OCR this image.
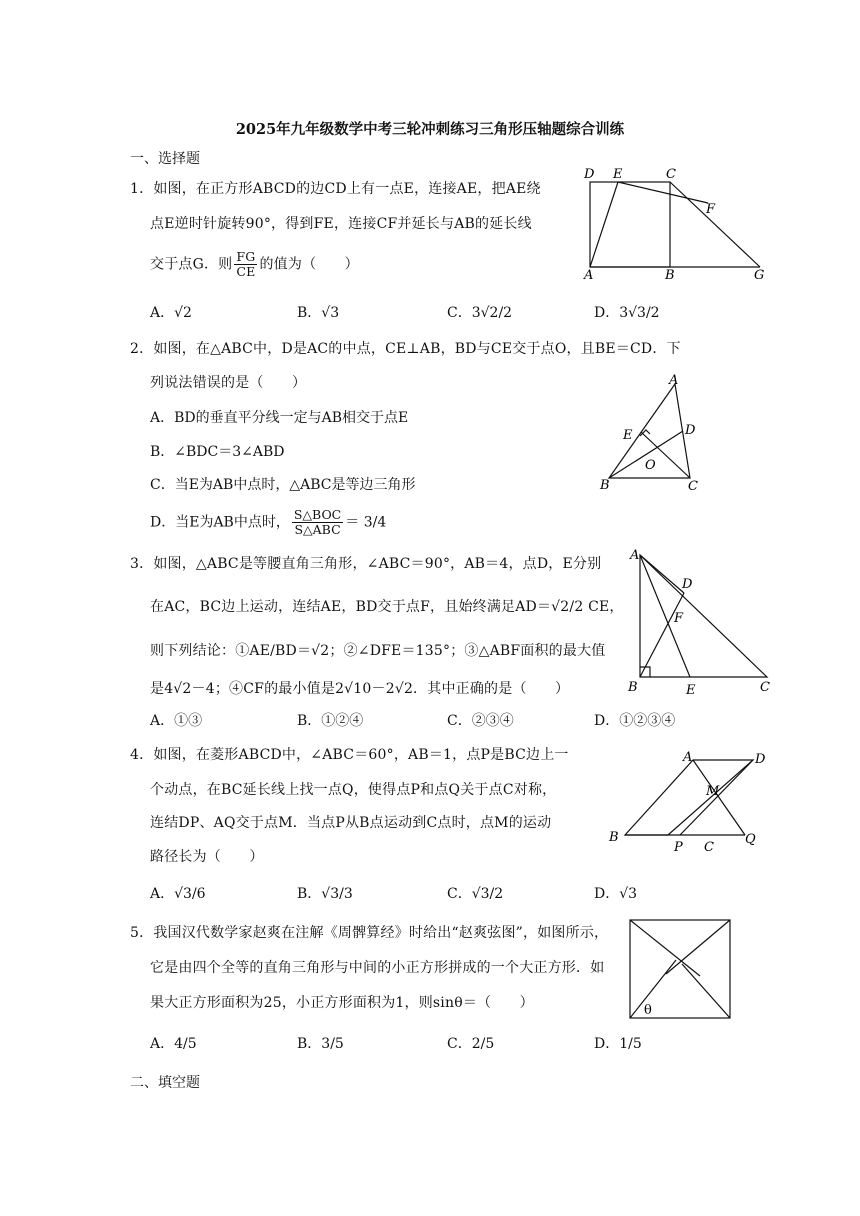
2025年九年级数学中考三轮冲刺练习三角形压轴题综合训练
一、选择题
1．如图，在正方形ABCD的边CD上有一点E，连接AE，把AE绕
点E逆时针旋转90°，得到FE，连接CF并延长与AB的延长线
交于点G．则 $\frac{FG}{CE}$ 的值为（　　）
A．√2	B．√3	C．3√2/2	D．3√3/2
D E	C
F
A	B	G
2．如图，在△ABC中，D是AC的中点，CE⊥AB，BD与CE交于点O，且BE＝CD．下
列说法错误的是（　　）
A．BD的垂直平分线一定与AB相交于点E
B．∠BDC＝3∠ABD
C．当E为AB中点时，△ABC是等边三角形
D．当E为AB中点时， $\frac{\text{S△BOC}}{\text{S△ABC}} = 3/4$
A
E	D
O
B	C
3．如图，△ABC是等腰直角三角形，∠ABC＝90°，AB＝4，点D，E分别
在AC，BC边上运动，连结AE，BD交于点F，且始终满足AD＝√2/2 CE，
则下列结论：①AE/BD＝√2；②∠DFE＝135°；③△ABF面积的最大值
是4√2－4；④CF的最小值是2√10－2√2．其中正确的是（　　）
A．①③	B．①②④	C．②③④	D．①②③④
A
D
F
B	E	C
4．如图，在菱形ABCD中，∠ABC＝60°，AB＝1，点P是BC边上一
个动点，在BC延长线上找一点Q，使得点P和点Q关于点C对称，
连结DP、AQ交于点M．当点P从B点运动到C点时，点M的运动
路径长为（　　）
A．√3/6	B．√3/3	C．√3/2	D．√3
A	D
M
B
P C
Q
5．我国汉代数学家赵爽在注解《周髀算经》时给出“赵爽弦图”，如图所示，
它是由四个全等的直角三角形与中间的小正方形拼成的一个大正方形．如
果大正方形面积为25，小正方形面积为1，则sinθ＝（　　）
A．4/5	B．3/5	C．2/5	D．1/5
θ
二、填空题
